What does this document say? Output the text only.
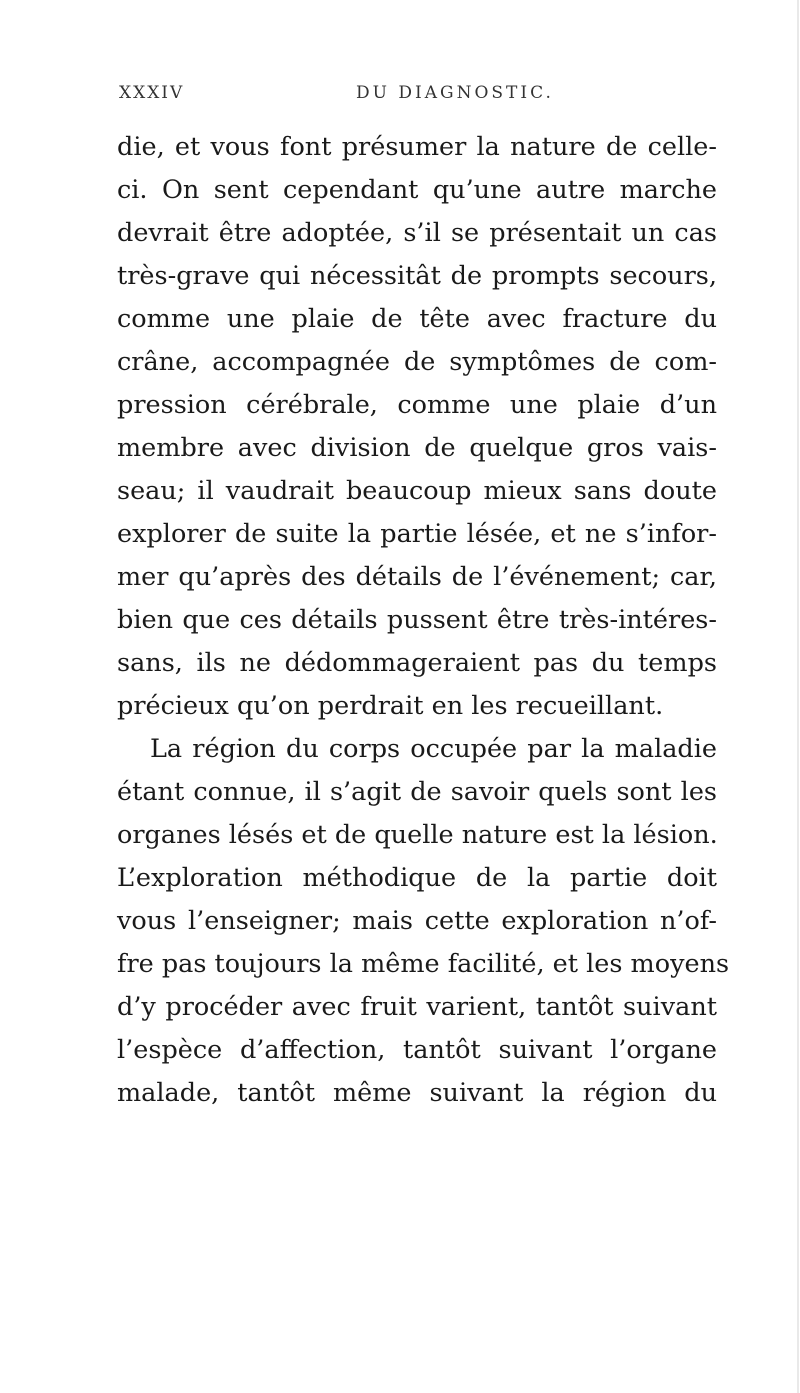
XXXIV	DU DIAGNOSTIC.
die, et vous font présumer la nature de celle-
ci. On sent cependant qu’une autre marche
devrait être adoptée, s’il se présentait un cas
très-grave qui nécessitât de prompts secours,
comme une plaie de tête avec fracture du
crâne, accompagnée de symptômes de com-
pression cérébrale, comme une plaie d’un
membre avec division de quelque gros vais-
seau; il vaudrait beaucoup mieux sans doute
explorer de suite la partie lésée, et ne s’infor-
mer qu’après des détails de l’événement; car,
bien que ces détails pussent être très-intéres-
sans, ils ne dédommageraient pas du temps
précieux qu’on perdrait en les recueillant.
La région du corps occupée par la maladie
étant connue, il s’agit de savoir quels sont les
organes lésés et de quelle nature est la lésion.
L’exploration méthodique de la partie doit
vous l’enseigner; mais cette exploration n’of-
fre pas toujours la même facilité, et les moyens
d’y procéder avec fruit varient, tantôt suivant
l’espèce d’affection, tantôt suivant l’organe
malade, tantôt même suivant la région du
